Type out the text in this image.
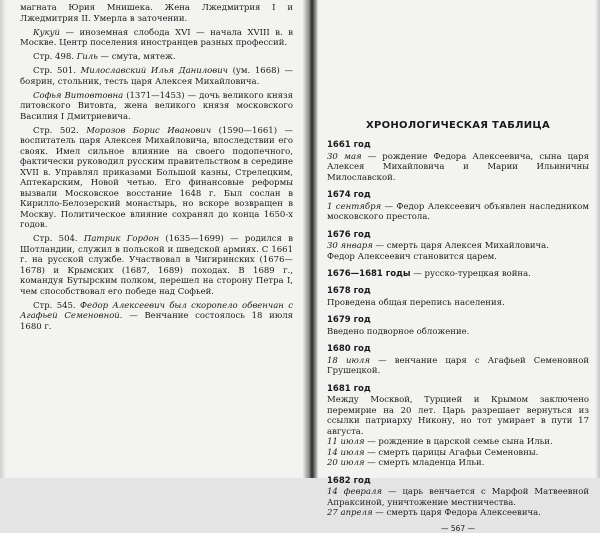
магната Юрия Мнишека. Жена Лжедмитрия I и Лжедмитрия II. Умерла в заточении.

Кукуй — иноземная слобода XVI — начала XVIII в. в Москве. Центр поселения иностранцев разных профессий.

Стр. 498. Гиль — смута, мятеж.

Стр. 501. Милославский Илья Данилович (ум. 1668) — боярин, стольник, тесть царя Алексея Михайловича.

Софья Витовтовна (1371—1453) — дочь великого князя литовского Витовта, жена великого князя московского Василия I Дмитриевича.

Стр. 502. Морозов Борис Иванович (1590—1661) — воспитатель царя Алексея Михайловича, впоследствии его свояк. Имел сильное влияние на своего подопечного, фактически руководил русским правительством в середине XVII в. Управлял приказами Большой казны, Стрелецким, Аптекарским, Новой четью. Его финансовые реформы вызвали Московское восстание 1648 г. Был сослан в Кирилло-Белозерский монастырь, но вскоре возвращен в Москву. Политическое влияние сохранял до конца 1650-х годов.

Стр. 504. Патрик Гордон (1635—1699) — родился в Шотландии, служил в польской и шведской армиях. С 1661 г. на русской службе. Участвовал в Чигиринских (1676—1678) и Крымских (1687, 1689) походах. В 1689 г., командуя Бутырским полком, перешел на сторону Петра I, чем способствовал его победе над Софьей.

Стр. 545. Федор Алексеевич был скоропело обвенчан с Агафьей Семеновной. — Венчание состоялось 18 июля 1680 г.

ХРОНОЛОГИЧЕСКАЯ ТАБЛИЦА
1661 год

30 мая — рождение Федора Алексеевича, сына царя Алексея Михайловича и Марии Ильиничны Милославской.

1674 год

1 сентября — Федор Алексеевич объявлен наследником московского престола.

1676 год

30 января — смерть царя Алексея Михайловича.

Федор Алексеевич становится царем.

1676—1681 годы — русско-турецкая война.
1678 год

Проведена общая перепись населения.

1679 год

Введено подворное обложение.

1680 год

18 июля — венчание царя с Агафьей Семеновной Грушецкой.

1681 год

Между Москвой, Турцией и Крымом заключено перемирие на 20 лет. Царь разрешает вернуться из ссылки патриарху Никону, но тот умирает в пути 17 августа.

11 июля — рождение в царской семье сына Ильи.

14 июля — смерть царицы Агафьи Семеновны.

20 июля — смерть младенца Ильи.

1682 год

14 февраля — царь венчается с Марфой Матвеевной Апраксиной, уничтожение местничества.

27 апреля — смерть царя Федора Алексеевича.

— 567 —
